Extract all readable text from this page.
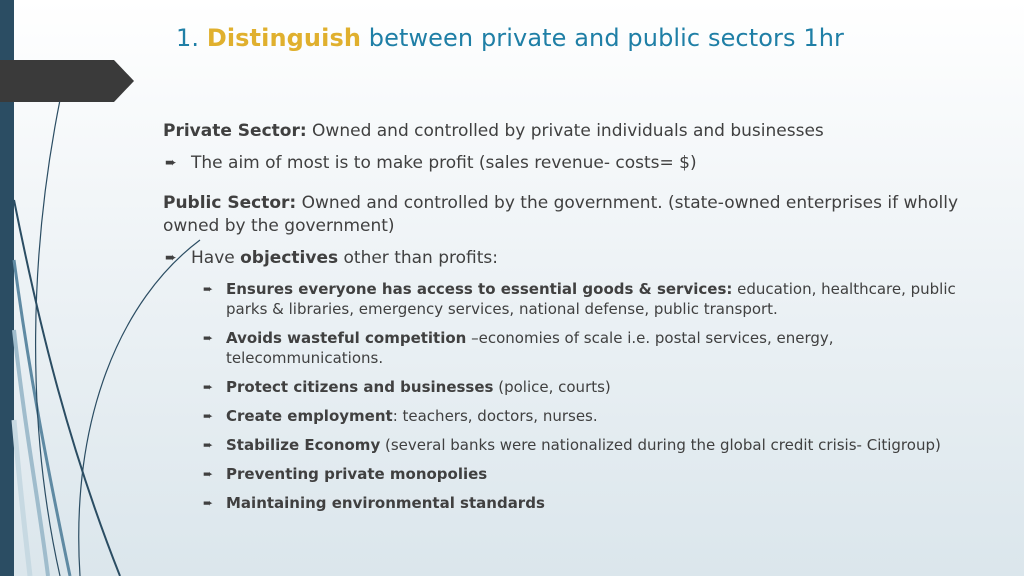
1. Distinguish between private and public sectors 1hr

Private Sector: Owned and controlled by private individuals and businesses

➨ The aim of most is to make profit (sales revenue- costs= $)

Public Sector: Owned and controlled by the government. (state-owned enterprises if wholly owned by the government)

➨ Have objectives other than profits:
➨ Ensures everyone has access to essential goods & services: education, healthcare, public parks & libraries, emergency services, national defense, public transport.
➨ Avoids wasteful competition –economies of scale i.e. postal services, energy, telecommunications.
➨ Protect citizens and businesses (police, courts)
➨ Create employment: teachers, doctors, nurses.
➨ Stabilize Economy (several banks were nationalized during the global credit crisis- Citigroup)
➨ Preventing private monopolies
➨ Maintaining environmental standards
